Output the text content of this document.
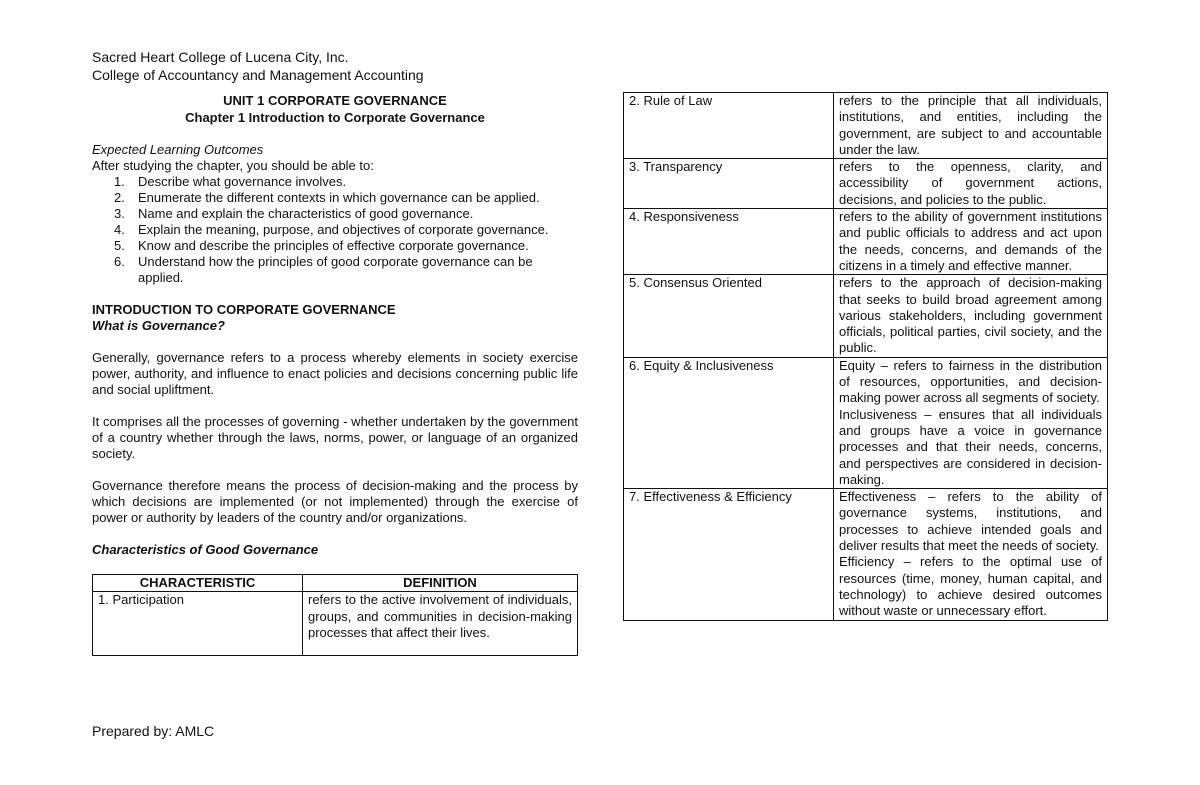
Sacred Heart College of Lucena City, Inc.
College of Accountancy and Management Accounting
UNIT 1 CORPORATE GOVERNANCE
Chapter 1 Introduction to Corporate Governance
Expected Learning Outcomes
After studying the chapter, you should be able to:
1.	Describe what governance involves.
2.	Enumerate the different contexts in which governance can be applied.
3.	Name and explain the characteristics of good governance.
4.	Explain the meaning, purpose, and objectives of corporate governance.
5.	Know and describe the principles of effective corporate governance.
6.	Understand how the principles of good corporate governance can be applied.
INTRODUCTION TO CORPORATE GOVERNANCE
What is Governance?

Generally, governance refers to a process whereby elements in society exercise power, authority, and influence to enact policies and decisions concerning public life and social upliftment.

It comprises all the processes of governing - whether undertaken by the government of a country whether through the laws, norms, power, or language of an organized society.

Governance therefore means the process of decision-making and the process by which decisions are implemented (or not implemented) through the exercise of power or authority by leaders of the country and/or organizations.

Characteristics of Good Governance
CHARACTERISTIC	DEFINITION
1. Participation	refers to the active involvement of individuals, groups, and communities in decision-making processes that affect their lives.
2. Rule of Law	refers to the principle that all individuals, institutions, and entities, including the government, are subject to and accountable under the law.
3. Transparency	refers to the openness, clarity, and accessibility of government actions, decisions, and policies to the public.
4. Responsiveness	refers to the ability of government institutions and public officials to address and act upon the needs, concerns, and demands of the citizens in a timely and effective manner.
5. Consensus Oriented	refers to the approach of decision-making that seeks to build broad agreement among various stakeholders, including government officials, political parties, civil society, and the public.
6. Equity & Inclusiveness	Equity – refers to fairness in the distribution of resources, opportunities, and decision-making power across all segments of society.
Inclusiveness – ensures that all individuals and groups have a voice in governance processes and that their needs, concerns, and perspectives are considered in decision-making.

7. Effectiveness & Efficiency	Effectiveness – refers to the ability of governance systems, institutions, and processes to achieve intended goals and deliver results that meet the needs of society.
Efficiency – refers to the optimal use of resources (time, money, human capital, and technology) to achieve desired outcomes without waste or unnecessary effort.
Prepared by: AMLC
